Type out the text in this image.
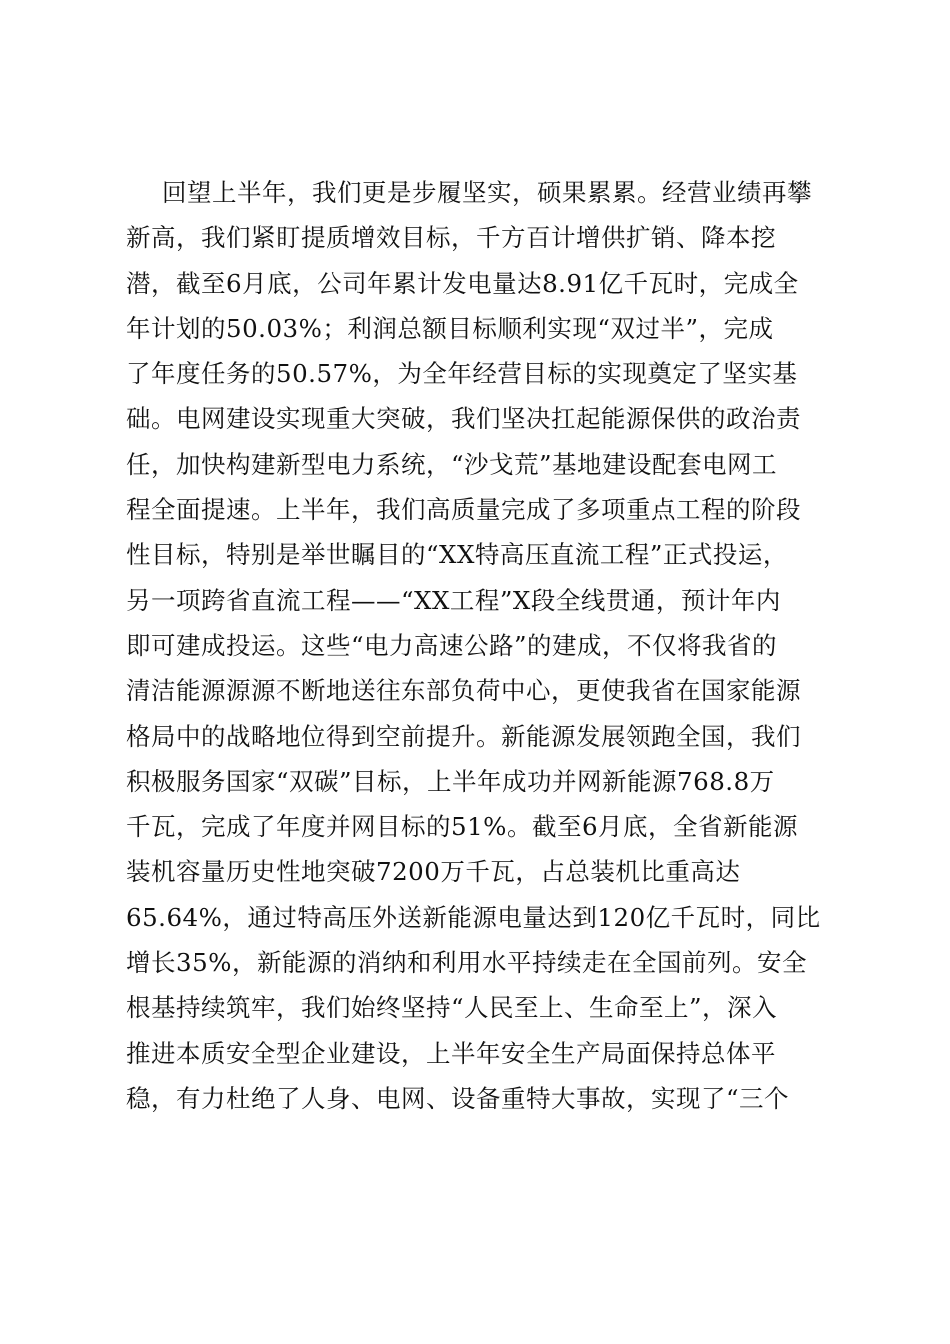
回望上半年，我们更是步履坚实，硕果累累。经营业绩再攀
新高，我们紧盯提质增效目标，千方百计增供扩销、降本挖
潜，截至6月底，公司年累计发电量达8.91亿千瓦时，完成全
年计划的50.03%；利润总额目标顺利实现“双过半”，完成
了年度任务的50.57%，为全年经营目标的实现奠定了坚实基
础。电网建设实现重大突破，我们坚决扛起能源保供的政治责
任，加快构建新型电力系统，“沙戈荒”基地建设配套电网工
程全面提速。上半年，我们高质量完成了多项重点工程的阶段
性目标，特别是举世瞩目的“XX特高压直流工程”正式投运，
另一项跨省直流工程——“XX工程”X段全线贯通，预计年内
即可建成投运。这些“电力高速公路”的建成，不仅将我省的
清洁能源源源不断地送往东部负荷中心，更使我省在国家能源
格局中的战略地位得到空前提升。新能源发展领跑全国，我们
积极服务国家“双碳”目标，上半年成功并网新能源768.8万
千瓦，完成了年度并网目标的51%。截至6月底，全省新能源
装机容量历史性地突破7200万千瓦，占总装机比重高达
65.64%，通过特高压外送新能源电量达到120亿千瓦时，同比
增长35%，新能源的消纳和利用水平持续走在全国前列。安全
根基持续筑牢，我们始终坚持“人民至上、生命至上”，深入
推进本质安全型企业建设，上半年安全生产局面保持总体平
稳，有力杜绝了人身、电网、设备重特大事故，实现了“三个
